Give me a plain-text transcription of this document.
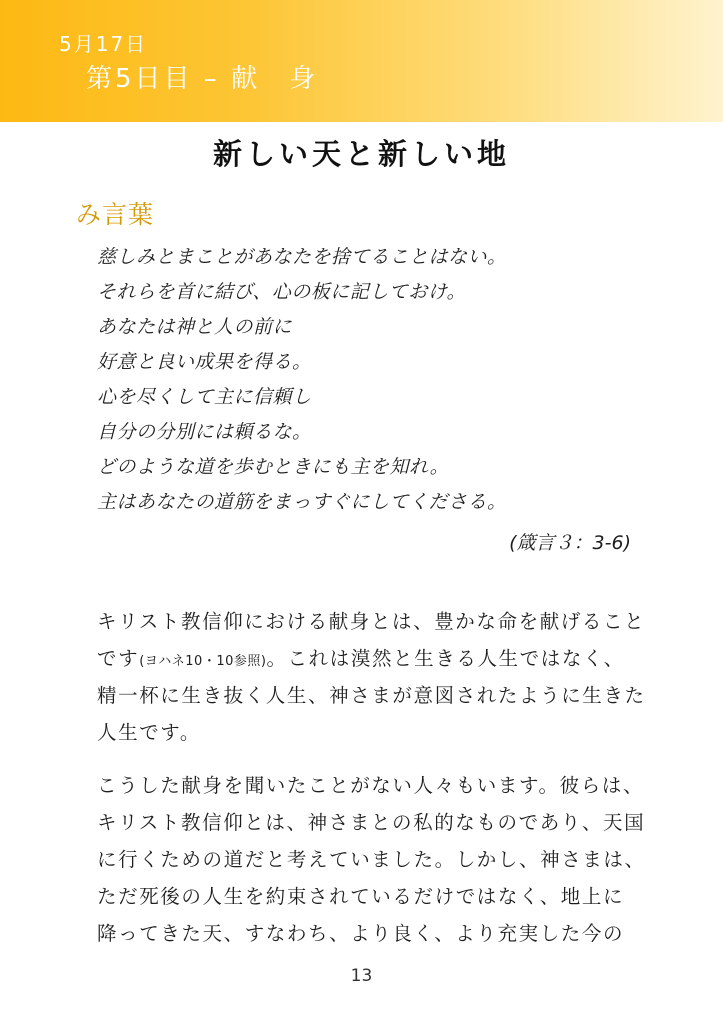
5月17日
第5日目 – 献　身
新しい天と新しい地
み言葉
慈しみとまことがあなたを捨てることはない。
それらを首に結び、心の板に記しておけ。
あなたは神と人の前に
好意と良い成果を得る。
心を尽くして主に信頼し
自分の分別には頼るな。
どのような道を歩むときにも主を知れ。
主はあなたの道筋をまっすぐにしてくださる。
(箴言３：3-6)
キリスト教信仰における献身とは、豊かな命を献げること
です(ヨハネ10・10参照)。これは漠然と生きる人生ではなく、
精一杯に生き抜く人生、神さまが意図されたように生きた
人生です。
こうした献身を聞いたことがない人々もいます。彼らは、
キリスト教信仰とは、神さまとの私的なものであり、天国
に行くための道だと考えていました。しかし、神さまは、
ただ死後の人生を約束されているだけではなく、地上に
降ってきた天、すなわち、より良く、より充実した今の
13
